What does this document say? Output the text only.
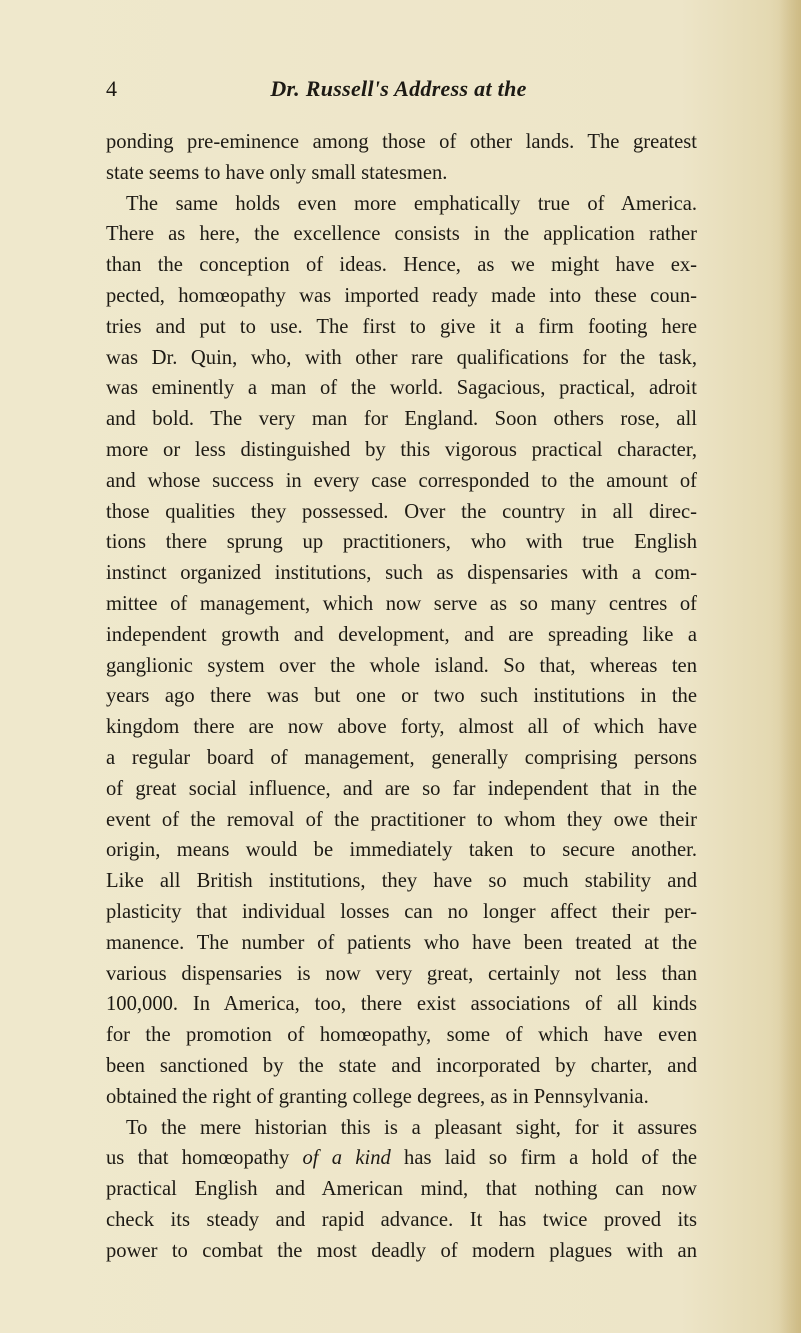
4	Dr. Russell's Address at the
ponding pre-eminence among those of other lands. The greatest
state seems to have only small statesmen.
The same holds even more emphatically true of America.
There as here, the excellence consists in the application rather
than the conception of ideas. Hence, as we might have ex-
pected, homœopathy was imported ready made into these coun-
tries and put to use. The first to give it a firm footing here
was Dr. Quin, who, with other rare qualifications for the task,
was eminently a man of the world. Sagacious, practical, adroit
and bold. The very man for England. Soon others rose, all
more or less distinguished by this vigorous practical character,
and whose success in every case corresponded to the amount of
those qualities they possessed. Over the country in all direc-
tions there sprung up practitioners, who with true English
instinct organized institutions, such as dispensaries with a com-
mittee of management, which now serve as so many centres of
independent growth and development, and are spreading like a
ganglionic system over the whole island. So that, whereas ten
years ago there was but one or two such institutions in the
kingdom there are now above forty, almost all of which have
a regular board of management, generally comprising persons
of great social influence, and are so far independent that in the
event of the removal of the practitioner to whom they owe their
origin, means would be immediately taken to secure another.
Like all British institutions, they have so much stability and
plasticity that individual losses can no longer affect their per-
manence. The number of patients who have been treated at the
various dispensaries is now very great, certainly not less than
100,000. In America, too, there exist associations of all kinds
for the promotion of homœopathy, some of which have even
been sanctioned by the state and incorporated by charter, and
obtained the right of granting college degrees, as in Pennsylvania.
To the mere historian this is a pleasant sight, for it assures
us that homœopathy of a kind has laid so firm a hold of the
practical English and American mind, that nothing can now
check its steady and rapid advance. It has twice proved its
power to combat the most deadly of modern plagues with an
